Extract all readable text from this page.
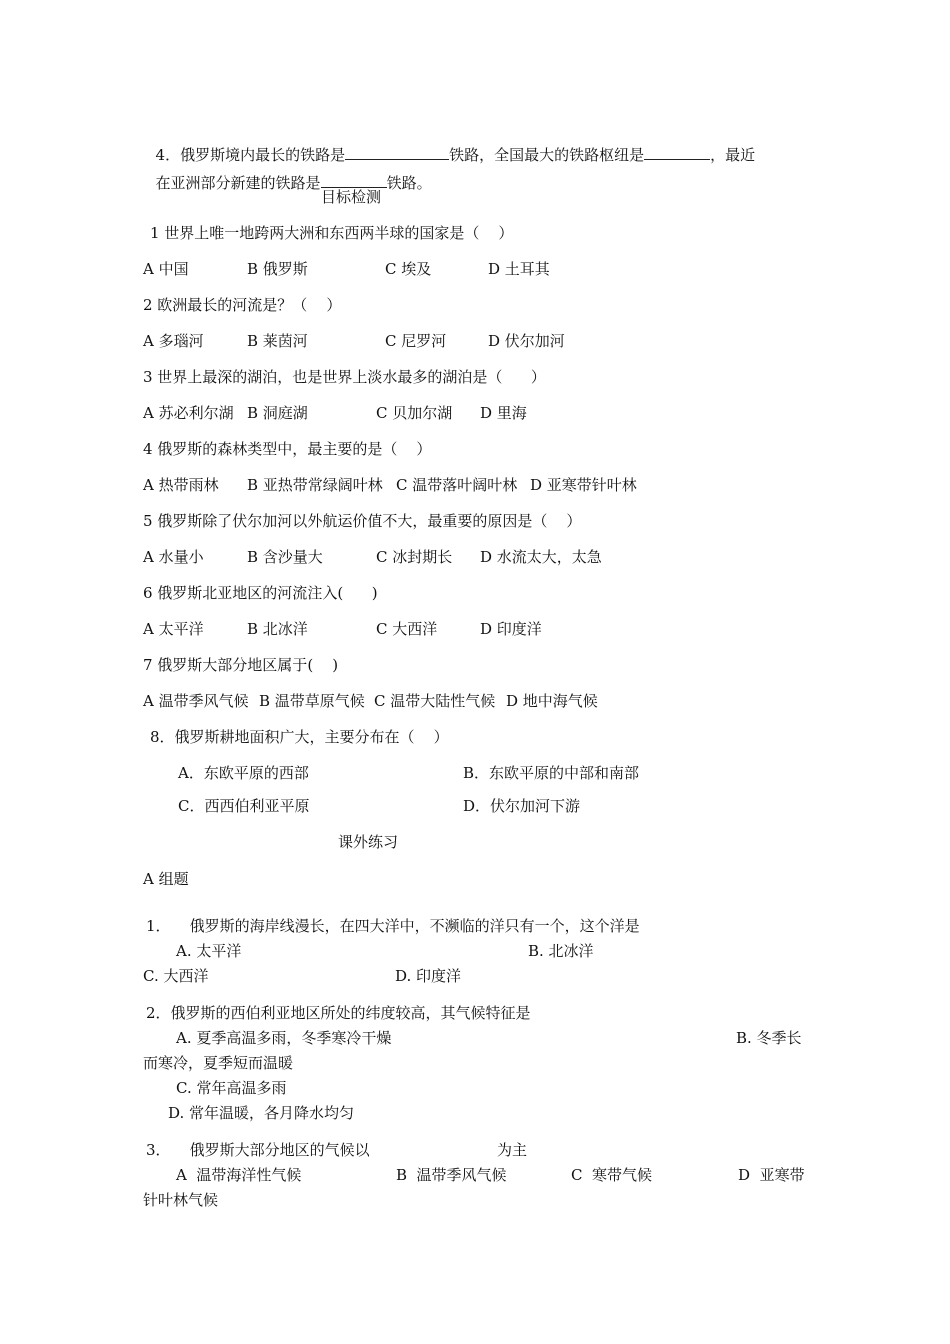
4．俄罗斯境内最长的铁路是	铁路，全国最大的铁路枢纽是	，最近

在亚洲部分新建的铁路是	铁路。

目标检测
1 世界上唯一地跨两大洲和东西两半球的国家是（    ）
A 中国	B 俄罗斯	C 埃及	D 土耳其
2 欧洲最长的河流是？（    ）
A 多瑙河	B 莱茵河	C 尼罗河	D 伏尔加河
3 世界上最深的湖泊，也是世界上淡水最多的湖泊是（      ）
A 苏必利尔湖 B 洞庭湖	C 贝加尔湖 D 里海
4 俄罗斯的森林类型中，最主要的是（    ）
A 热带雨林 B 亚热带常绿阔叶林 C 温带落叶阔叶林 D 亚寒带针叶林
5 俄罗斯除了伏尔加河以外航运价值不大，最重要的原因是（    ）
A 水量小	B 含沙量大	C 冰封期长 D 水流太大，太急
6 俄罗斯北亚地区的河流注入(      )
A 太平洋	B 北冰洋	C 大西洋	D 印度洋
7 俄罗斯大部分地区属于(    )
A 温带季风气候 B 温带草原气候 C 温带大陆性气候 D 地中海气候
8．俄罗斯耕地面积广大，主要分布在（    ）
A．东欧平原的西部	B．东欧平原的中部和南部
C．西西伯利亚平原	D．伏尔加河下游
课外练习
A 组题
1．    俄罗斯的海岸线漫长，在四大洋中，不濒临的洋只有一个，这个洋是
A. 太平洋	B. 北冰洋
C. 大西洋	D. 印度洋
2．俄罗斯的西伯利亚地区所处的纬度较高，其气候特征是
A. 夏季高温多雨，冬季寒冷干燥	B. 冬季长
而寒冷，夏季短而温暖
C. 常年高温多雨
D. 常年温暖，各月降水均匀
3．    俄罗斯大部分地区的气候以	为主
A  温带海洋性气候	B  温带季风气候	C  寒带气候	D  亚寒带
针叶林气候
